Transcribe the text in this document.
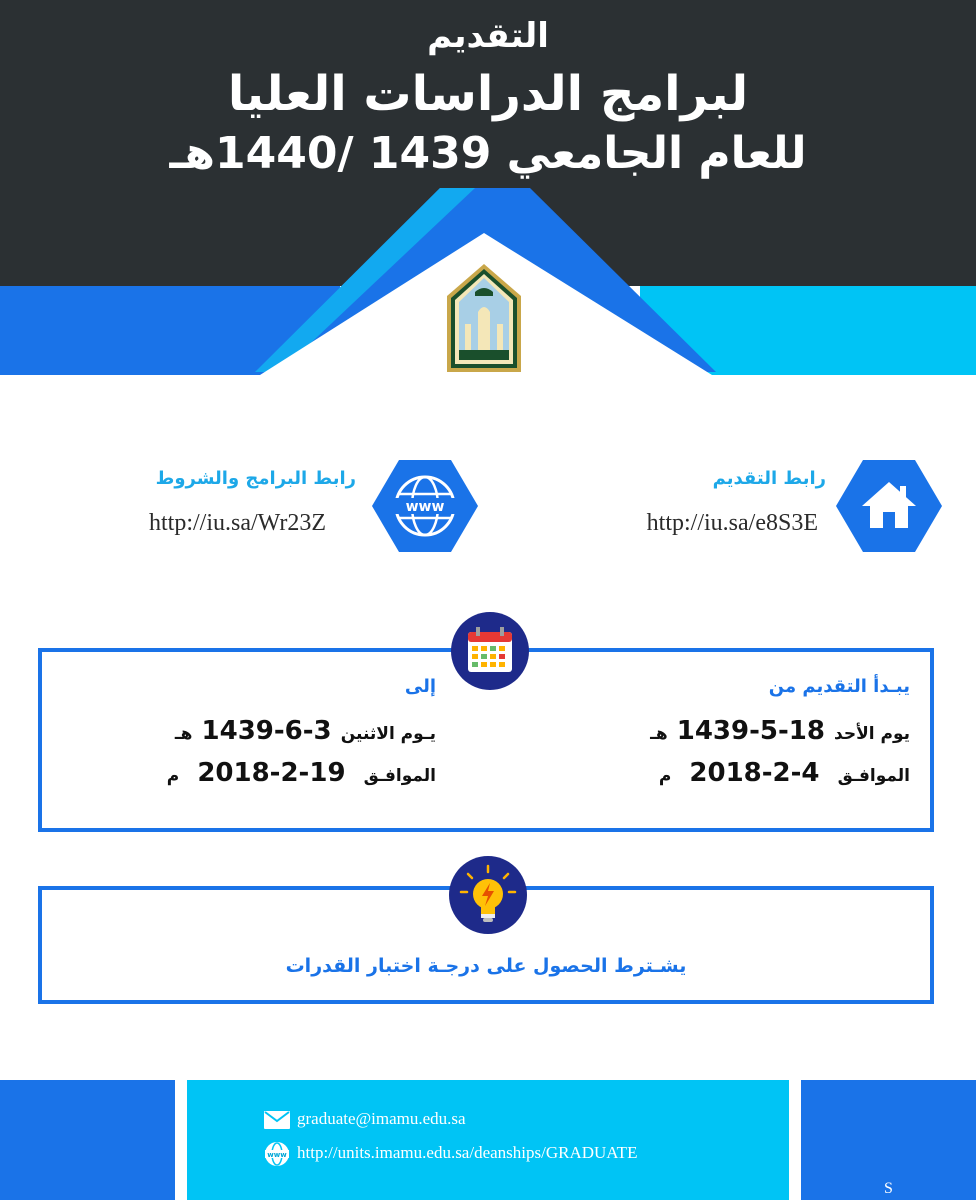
التقديم
لبرامج الدراسات العليا
للعام الجامعي 1439 /1440هـ
رابط التقديم
http://iu.sa/e8S3E
www
رابط البرامج والشروط
http://iu.sa/Wr23Z
يبـدأ التقديم من
يوم الأحد 1439-5-18 هـ
الموافـق  2018-2-4  م
إلى
يـوم الاثنين 1439-6-3 هـ
الموافـق  2018-2-19  م
يشـترط الحصول على درجـة اختبار القدرات
graduate@imamu.edu.sa
www http://units.imamu.edu.sa/deanships/GRADUATE
S
